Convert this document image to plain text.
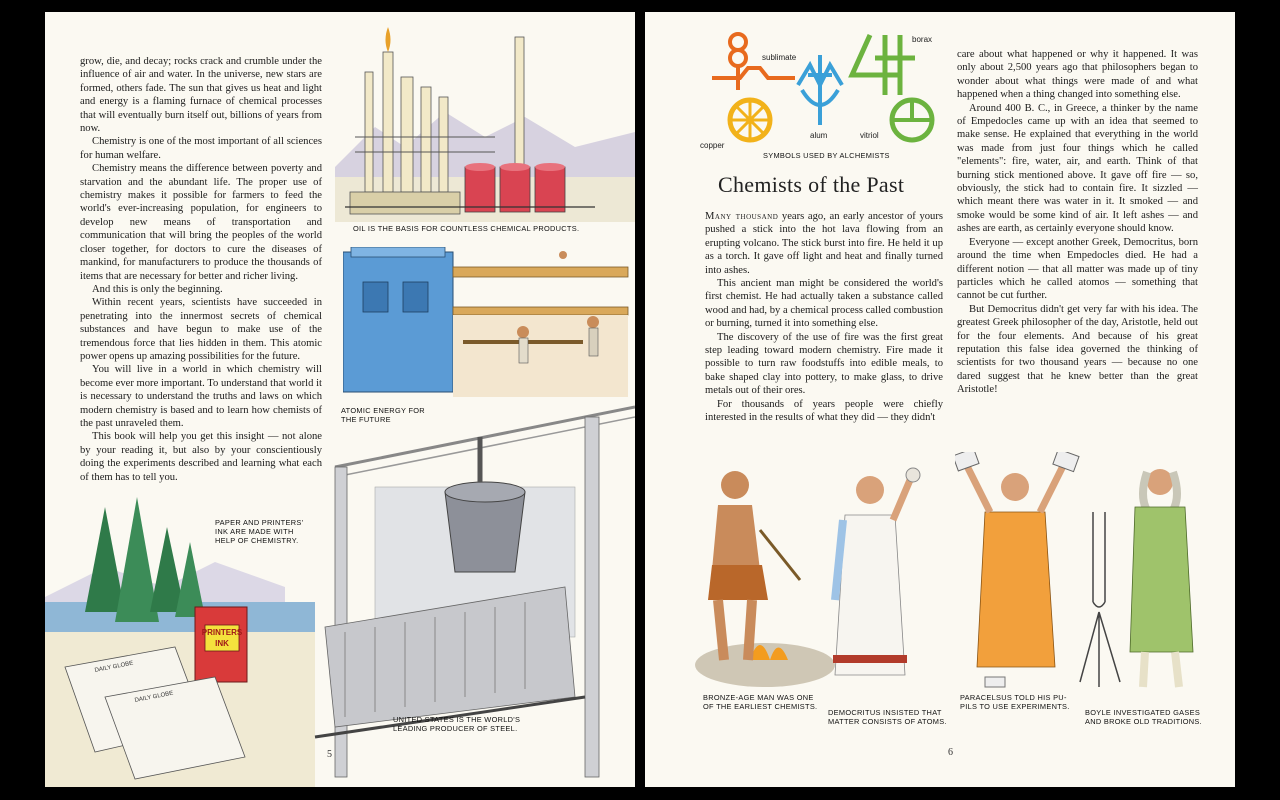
grow, die, and decay; rocks crack and crumble under the influence of air and water. In the universe, new stars are formed, others fade. The sun that gives us heat and light and energy is a flaming furnace of chemical processes that will eventually burn itself out, billions of years from now.

Chemistry is one of the most important of all sciences for human welfare.

Chemistry means the difference between poverty and starvation and the abundant life. The proper use of chemistry makes it possible for farmers to feed the world's ever-increasing population, for engineers to develop new means of transportation and communication that will bring the peoples of the world closer together, for doctors to cure the diseases of mankind, for manufacturers to produce the thousands of items that are necessary for better and richer living.

And this is only the beginning.

Within recent years, scientists have succeeded in penetrating into the innermost secrets of chemical substances and have begun to make use of the tremendous force that lies hidden in them. This atomic power opens up amazing possibilities for the future.

You will live in a world in which chemistry will become ever more important. To understand that world it is necessary to understand the truths and laws on which modern chemistry is based and to learn how chemists of the past unraveled them.

This book will help you get this insight — not alone by your reading it, but also by your conscientiously doing the experiments described and learning what each of them has to tell you.

OIL IS THE BASIS FOR COUNTLESS CHEMICAL PRODUCTS.
ATOMIC ENERGY FOR
THE FUTURE
PRINTERS
INK
DAILY GLOBE
DAILY GLOBE
PAPER AND PRINTERS'
INK ARE MADE WITH
HELP OF CHEMISTRY.
UNITED STATES IS THE WORLD'S
LEADING PRODUCER OF STEEL.
5
sublimate
borax
copper
alum	vitriol
SYMBOLS USED BY ALCHEMISTS
Chemists of the Past

Many thousand years ago, an early ancestor of yours pushed a stick into the hot lava flowing from an erupting volcano. The stick burst into fire. He held it up as a torch. It gave off light and heat and finally turned into ashes.

This ancient man might be considered the world's first chemist. He had actually taken a substance called wood and had, by a chemical process called combustion or burning, turned it into something else.

The discovery of the use of fire was the first great step leading toward modern chemistry. Fire made it possible to turn raw foodstuffs into edible meals, to bake shaped clay into pottery, to make glass, to drive metals out of their ores.

For thousands of years people were chiefly interested in the results of what they did — they didn't

care about what happened or why it happened. It was only about 2,500 years ago that philosophers began to wonder about what things were made of and what happened when a thing changed into something else.

Around 400 B. C., in Greece, a thinker by the name of Empedocles came up with an idea that seemed to make sense. He explained that everything in the world was made from just four things which he called "elements": fire, water, air, and earth. Think of that burning stick mentioned above. It gave off fire — so, obviously, the stick had to contain fire. It sizzled — which meant there was water in it. It smoked — and smoke would be some kind of air. It left ashes — and ashes are earth, as certainly everyone should know.

Everyone — except another Greek, Democritus, born around the time when Empedocles died. He had a different notion — that all matter was made up of tiny particles which he called atomos — something that cannot be cut further.

But Democritus didn't get very far with his idea. The greatest Greek philosopher of the day, Aristotle, held out for the four elements. And because of his great reputation this false idea governed the thinking of scientists for two thousand years — because no one dared suggest that he knew better than the great Aristotle!

BRONZE-AGE MAN WAS ONE
OF THE EARLIEST CHEMISTS.
DEMOCRITUS INSISTED THAT
MATTER CONSISTS OF ATOMS.
PARACELSUS TOLD HIS PU-
PILS TO USE EXPERIMENTS.
BOYLE INVESTIGATED GASES
AND BROKE OLD TRADITIONS.
6
